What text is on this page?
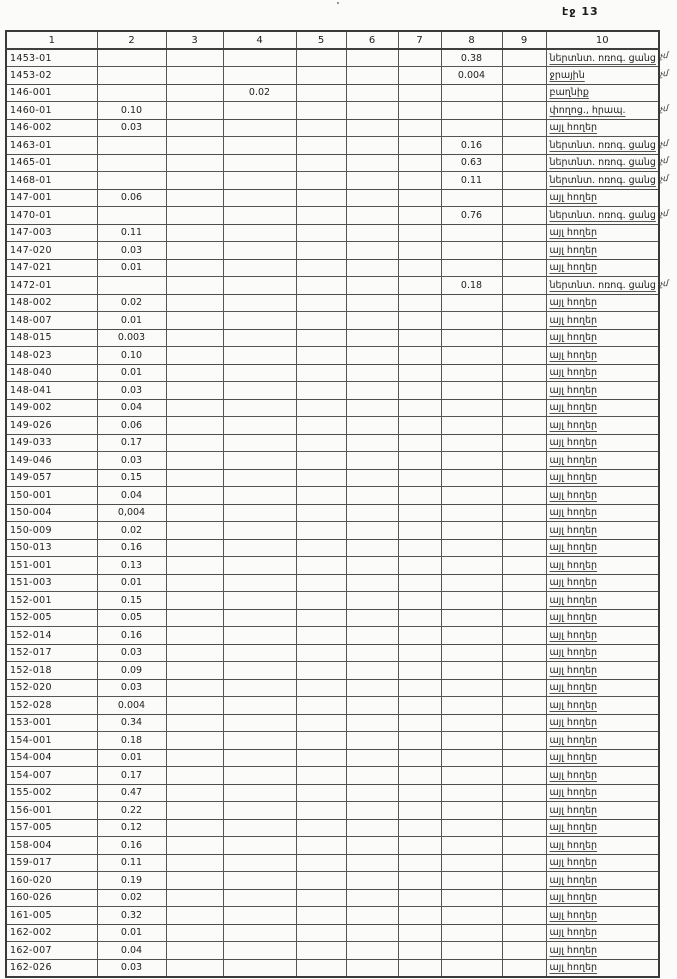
էջ 13
1	2	3	4	5	6	7	8	9	10
1453-01							0.38		ներտնտ. ոռոգ. ցանց
1453-02							0.004		ջրային
146-001			0.02						բաղնիք
1460-01	0.10								փողոց., հրապ.
146-002	0.03								այլ հողեր
1463-01							0.16		ներտնտ. ոռոգ. ցանց
1465-01							0.63		ներտնտ. ոռոգ. ցանց
1468-01							0.11		ներտնտ. ոռոգ. ցանց
147-001	0.06								այլ հողեր
1470-01							0.76		ներտնտ. ոռոգ. ցանց
147-003	0.11								այլ հողեր
147-020	0.03								այլ հողեր
147-021	0.01								այլ հողեր
1472-01							0.18		ներտնտ. ոռոգ. ցանց
148-002	0.02								այլ հողեր
148-007	0.01								այլ հողեր
148-015	0.003								այլ հողեր
148-023	0.10								այլ հողեր
148-040	0.01								այլ հողեր
148-041	0.03								այլ հողեր
149-002	0.04								այլ հողեր
149-026	0.06								այլ հողեր
149-033	0.17								այլ հողեր
149-046	0.03								այլ հողեր
149-057	0.15								այլ հողեր
150-001	0.04								այլ հողեր
150-004	0,004								այլ հողեր
150-009	0.02								այլ հողեր
150-013	0.16								այլ հողեր
151-001	0.13								այլ հողեր
151-003	0.01								այլ հողեր
152-001	0.15								այլ հողեր
152-005	0.05								այլ հողեր
152-014	0.16								այլ հողեր
152-017	0.03								այլ հողեր
152-018	0.09								այլ հողեր
152-020	0.03								այլ հողեր
152-028	0.004								այլ հողեր
153-001	0.34								այլ հողեր
154-001	0.18								այլ հողեր
154-004	0.01								այլ հողեր
154-007	0.17								այլ հողեր
155-002	0.47								այլ հողեր
156-001	0.22								այլ հողեր
157-005	0.12								այլ հողեր
158-004	0.16								այլ հողեր
159-017	0.11								այլ հողեր
160-020	0.19								այլ հողեր
160-026	0.02								այլ հողեր
161-005	0.32								այլ հողեր
162-002	0.01								այլ հողեր
162-007	0.04								այլ հողեր
162-026	0.03								այլ հողեր
չմ
չմ
չմ
չմ
չմ
չմ
չմ
չմ
